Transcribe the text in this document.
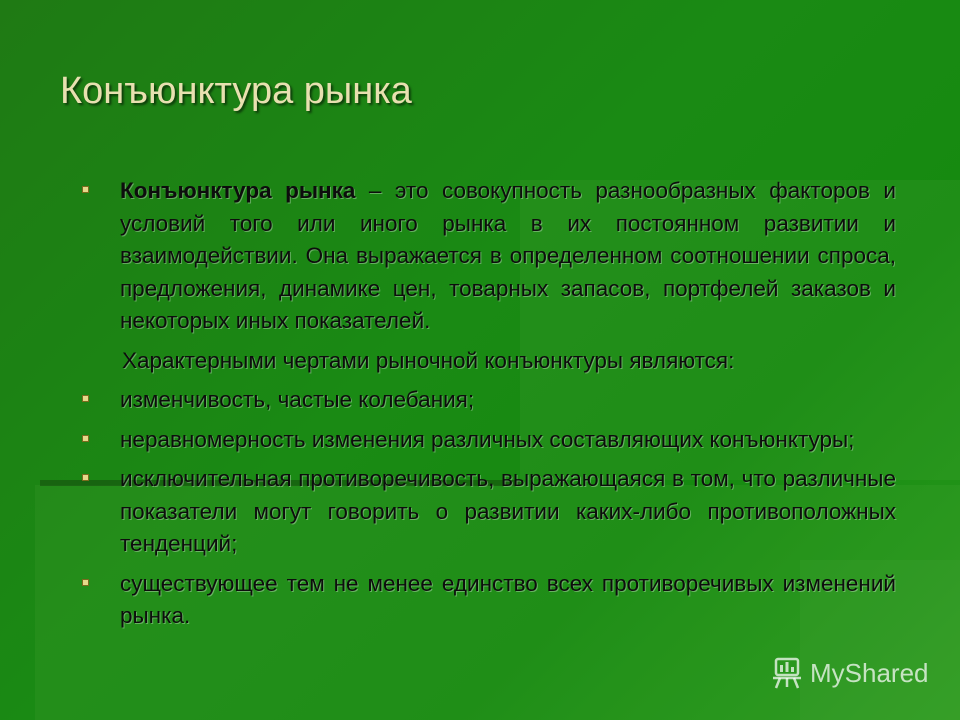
Конъюнктура рынка
Конъюнктура рынка – это совокупность разнообразных факторов и условий того или иного рынка в их постоянном развитии и взаимодействии. Она выражается в определенном соотношении спроса, предложения, динамике цен, товарных запасов, портфелей заказов и некоторых иных показателей.
Характерными чертами рыночной конъюнктуры являются:
изменчивость, частые колебания;
неравномерность изменения различных составляющих конъюнктуры;
исключительная противоречивость, выражающаяся в том, что различные показатели могут говорить о развитии каких-либо противоположных тенденций;
существующее тем не менее единство всех противоречивых изменений рынка.
MyShared
